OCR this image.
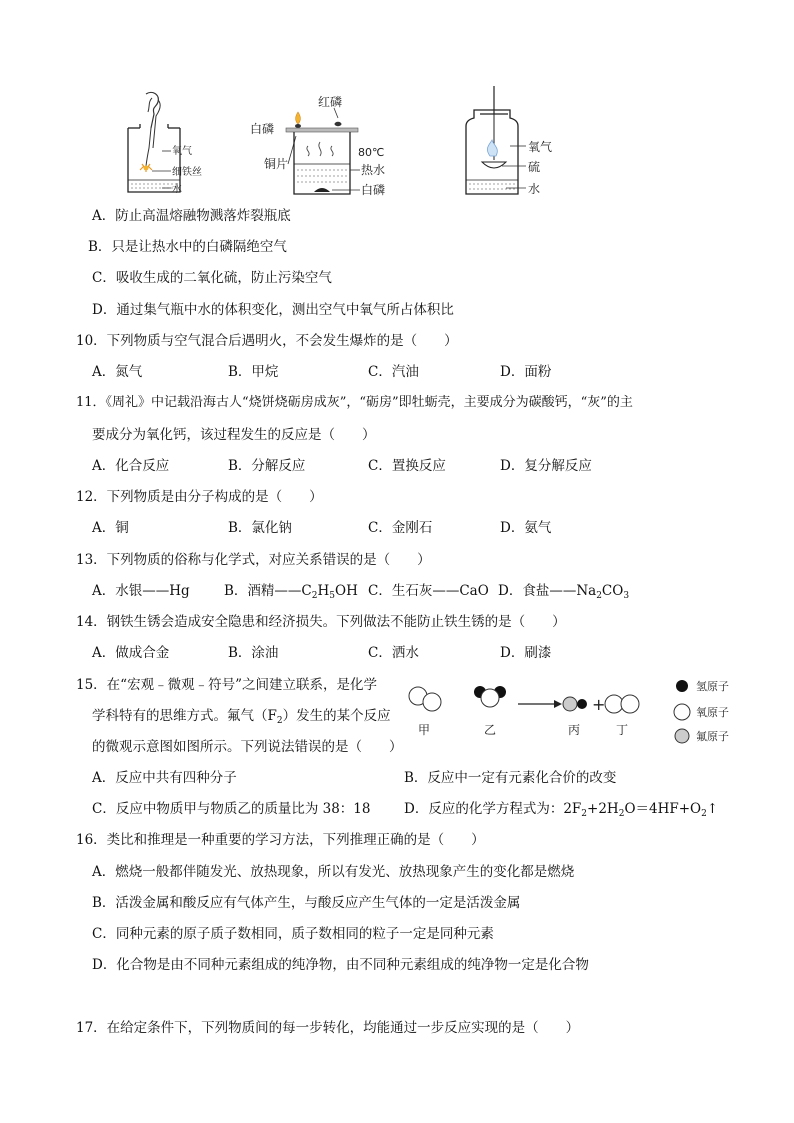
氧气
细铁丝
水
红磷
白磷
铜片
80℃
热水
白磷
氧气
硫
水
A．防止高温熔融物溅落炸裂瓶底
B．只是让热水中的白磷隔绝空气
C．吸收生成的二氧化硫，防止污染空气
D．通过集气瓶中水的体积变化，测出空气中氧气所占体积比
10．下列物质与空气混合后遇明火，不会发生爆炸的是（　　）
A．氮气	B．甲烷	C．汽油	D．面粉
11．《周礼》中记载沿海古人“烧饼烧砺房成灰”，“砺房”即牡蛎壳，主要成分为碳酸钙，“灰”的主
要成分为氧化钙，该过程发生的反应是（　　）
A．化合反应	B．分解反应	C．置换反应	D．复分解反应
12．下列物质是由分子构成的是（　　）
A．铜	B．氯化钠	C．金刚石	D．氨气
13．下列物质的俗称与化学式，对应关系错误的是（　　）
A．水银——Hg	B．酒精$——C_2H_5OH$ C．生石灰——CaO D．食盐$——Na_2CO_3$
14．钢铁生锈会造成安全隐患和经济损失。下列做法不能防止铁生锈的是（　　）
A．做成合金	B．涂油	C．洒水	D．刷漆
15．在“宏观﹣微观﹣符号”之间建立联系，是化学
学科特有的思维方式。氟气$(F_2)$发生的某个反应
的微观示意图如图所示。下列说法错误的是（　　）
甲	乙	丙
+
丁
氢原子
氧原子
氟原子
A．反应中共有四种分子	B．反应中一定有元素化合价的改变
C．反应中物质甲与物质乙的质量比为 38：18 D．反应的化学方程式为：$2F_2+2H_2O=4HF+O_2↑$
16．类比和推理是一种重要的学习方法，下列推理正确的是（　　）
A．燃烧一般都伴随发光、放热现象，所以有发光、放热现象产生的变化都是燃烧
B．活泼金属和酸反应有气体产生，与酸反应产生气体的一定是活泼金属
C．同种元素的原子质子数相同，质子数相同的粒子一定是同种元素
D．化合物是由不同种元素组成的纯净物，由不同种元素组成的纯净物一定是化合物
17．在给定条件下，下列物质间的每一步转化，均能通过一步反应实现的是（　　）
